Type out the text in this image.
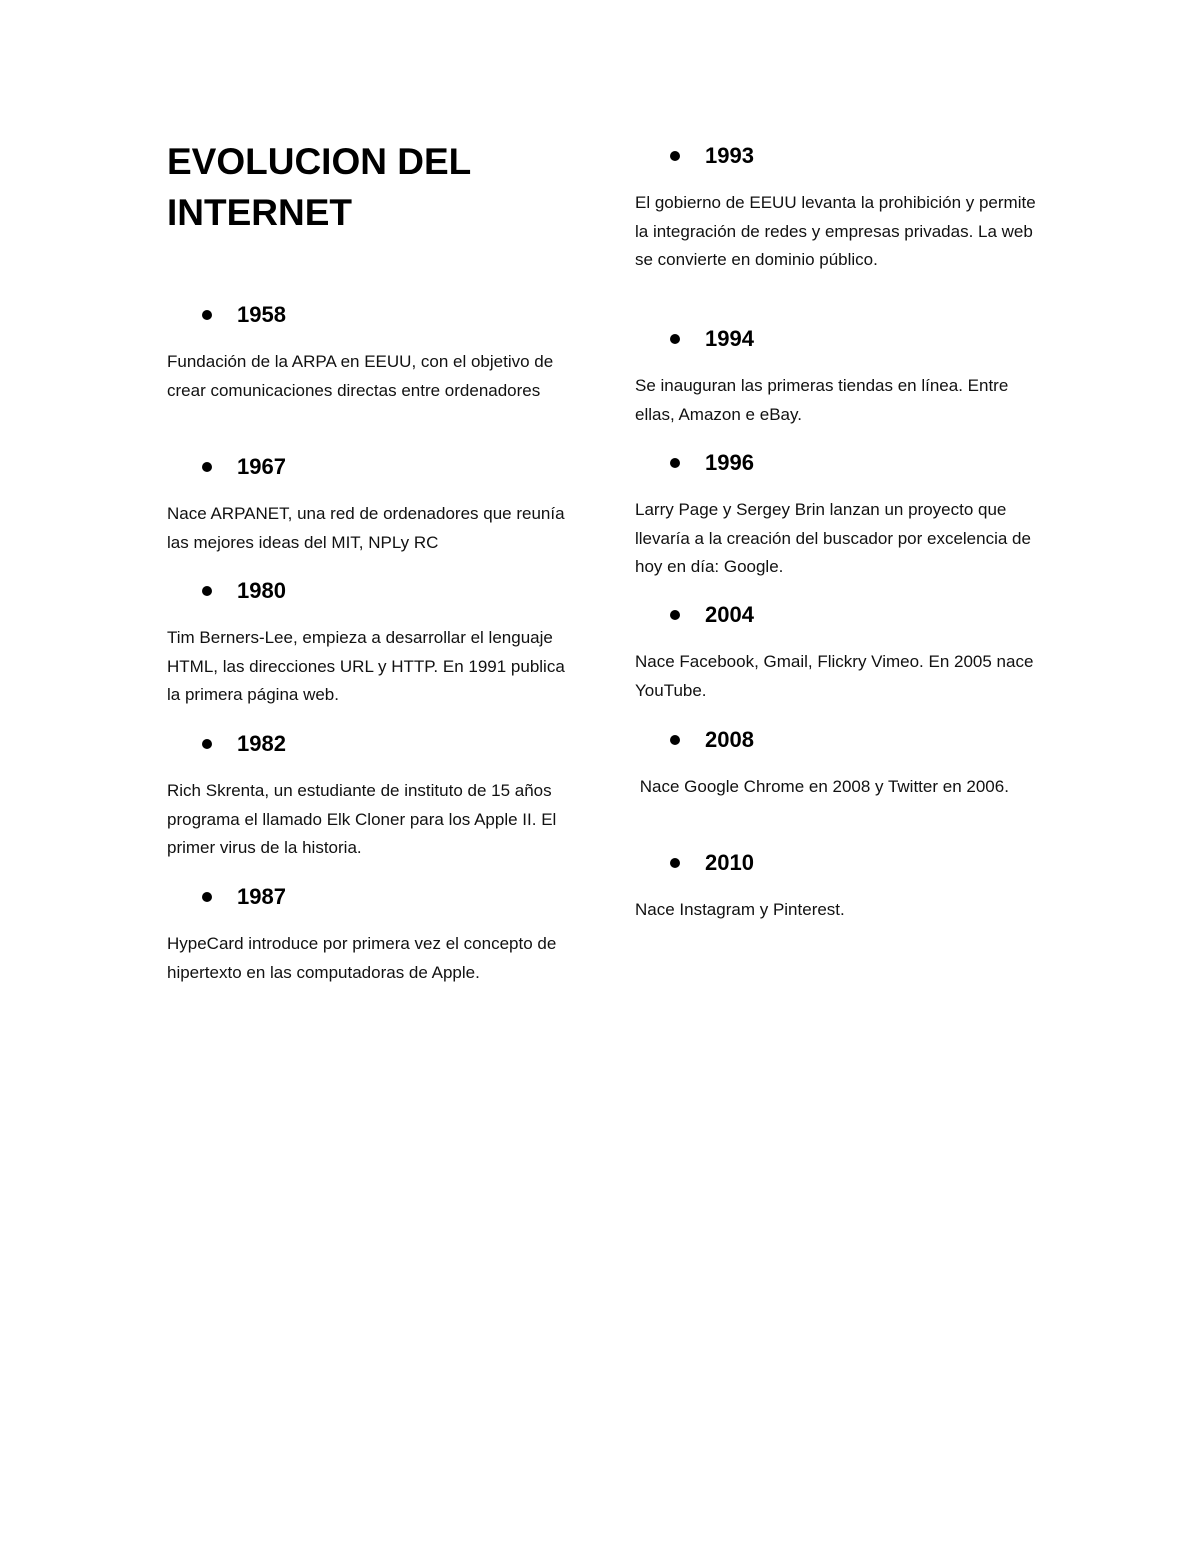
EVOLUCION DEL
INTERNET
1958
Fundación de la ARPA en EEUU, con el objetivo de crear comunicaciones directas entre ordenadores
1967
Nace ARPANET, una red de ordenadores que reunía las mejores ideas del MIT, NPLy RC
1980
Tim Berners-Lee, empieza a desarrollar el lenguaje HTML, las direcciones URL y HTTP. En 1991 publica la primera página web.
1982
Rich Skrenta, un estudiante de instituto de 15 años programa el llamado Elk Cloner para los Apple II. El primer virus de la historia.
1987
HypeCard introduce por primera vez el concepto de hipertexto en las computadoras de Apple.
1993
El gobierno de EEUU levanta la prohibición y permite la integración de redes y empresas privadas. La web se convierte en dominio público.
1994
Se inauguran las primeras tiendas en línea. Entre ellas, Amazon e eBay.
1996
Larry Page y Sergey Brin lanzan un proyecto que llevaría a la creación del buscador por excelencia de hoy en día: Google.
2004
Nace Facebook, Gmail, Flickry Vimeo. En 2005 nace YouTube.
2008
Nace Google Chrome en 2008 y Twitter en 2006.
2010
Nace Instagram y Pinterest.
